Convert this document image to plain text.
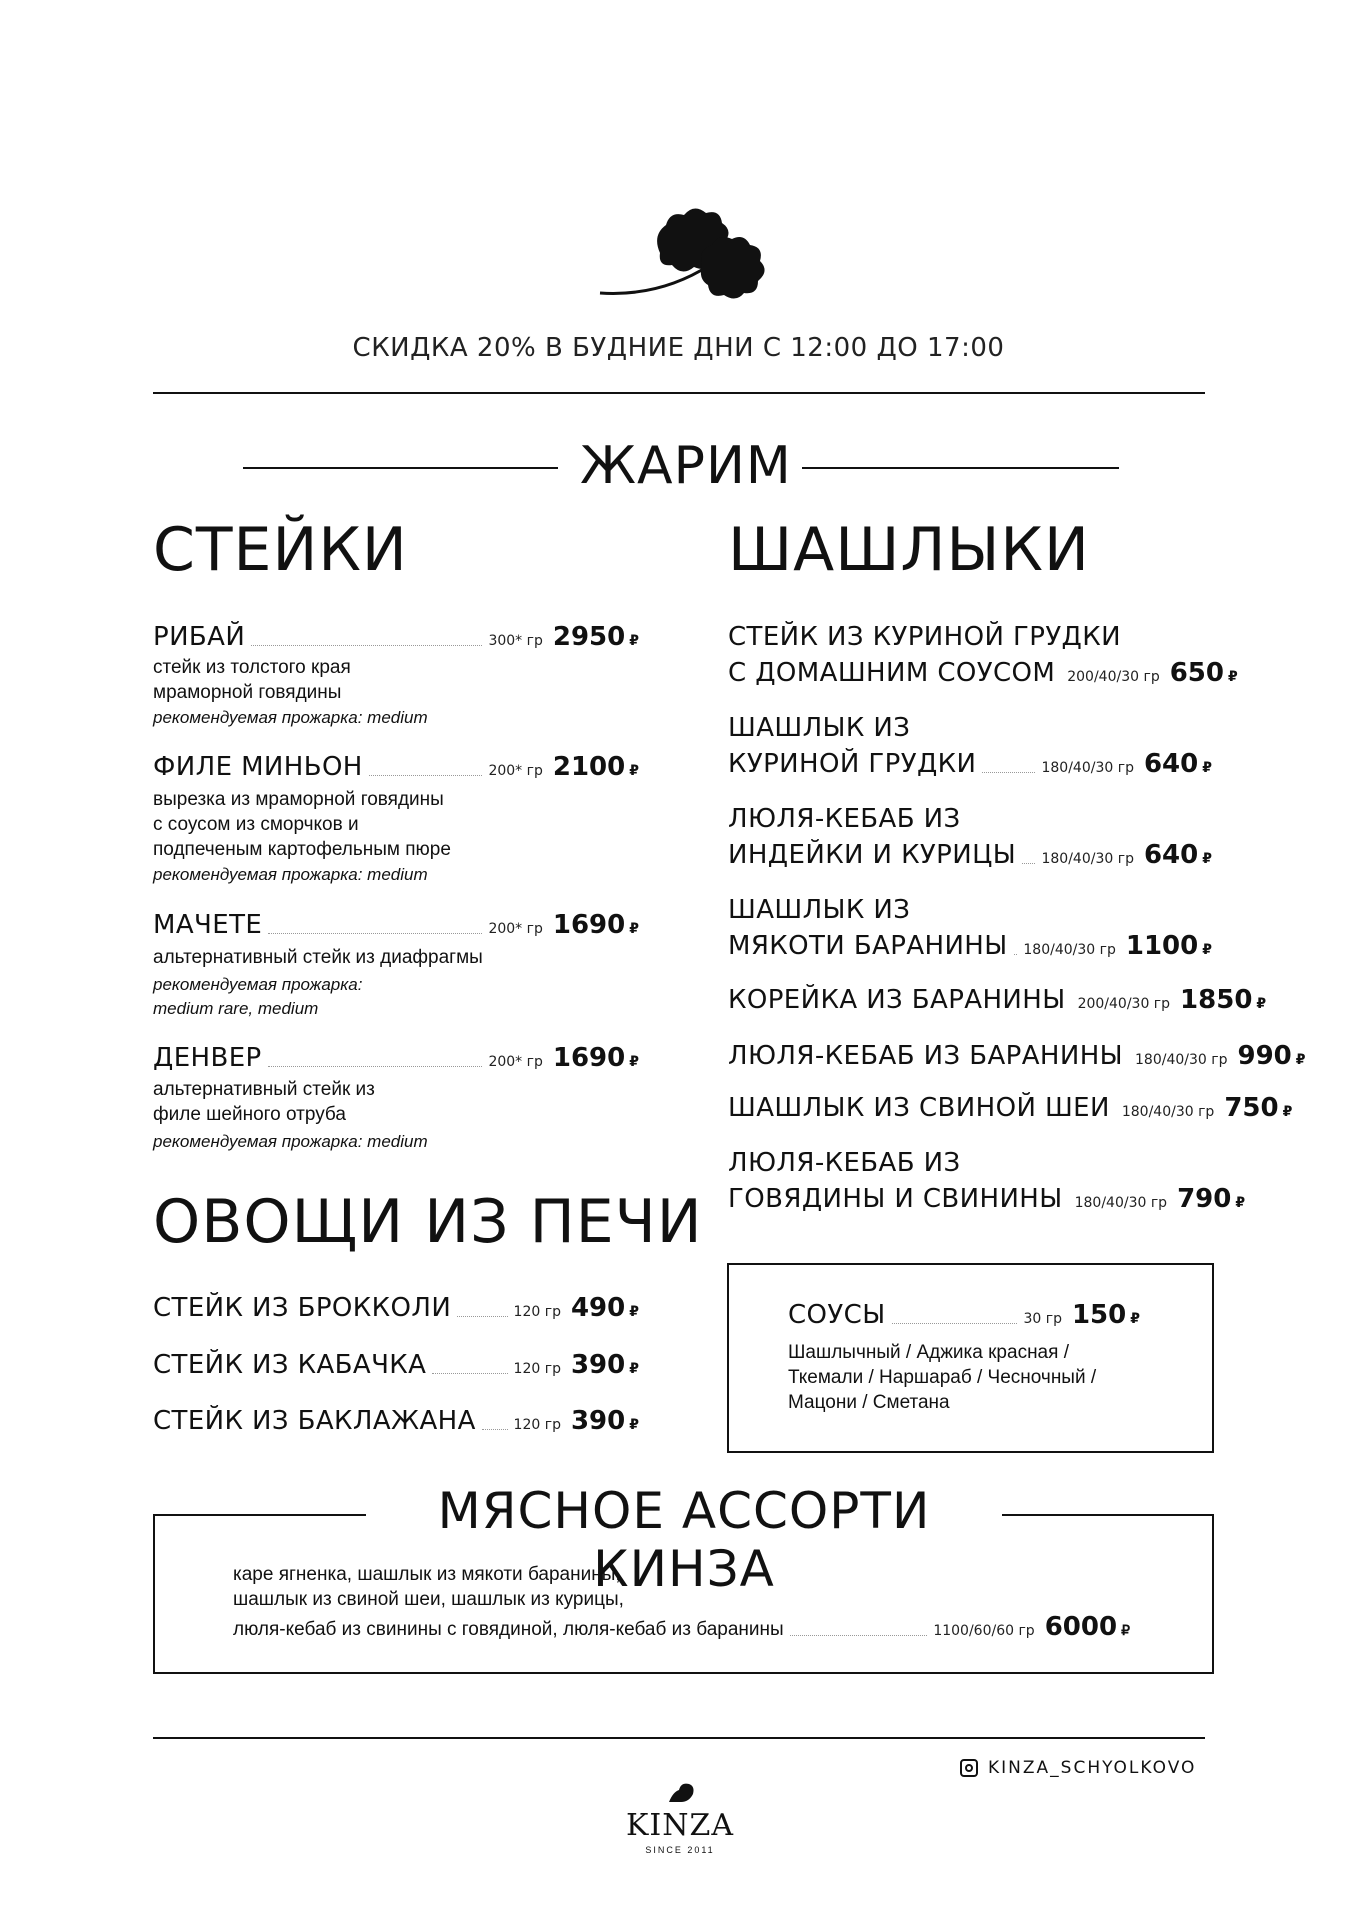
СКИДКА 20% В БУДНИЕ ДНИ С 12:00 ДО 17:00
ЖАРИМ
СТЕЙКИ
РИБАЙ	300* гр 2950 ₽
стейк из толстого края
мраморной говядины
рекомендуемая прожарка: medium
ФИЛЕ МИНЬОН	200* гр 2100 ₽
вырезка из мраморной говядины
с соусом из сморчков и
подпеченым картофельным пюре
рекомендуемая прожарка: medium
МАЧЕТЕ	200* гр 1690 ₽
альтернативный стейк из диафрагмы
рекомендуемая прожарка:
medium rare, medium
ДЕНВЕР	200* гр 1690 ₽
альтернативный стейк из
филе шейного отруба
рекомендуемая прожарка: medium
ОВОЩИ ИЗ ПЕЧИ
СТЕЙК ИЗ БРОККОЛИ	120 гр 490 ₽
СТЕЙК ИЗ КАБАЧКА	120 гр 390 ₽
СТЕЙК ИЗ БАКЛАЖАНА	120 гр 390 ₽
ШАШЛЫКИ
СТЕЙК ИЗ КУРИНОЙ ГРУДКИ
С ДОМАШНИМ СОУСОМ 200/40/30 гр 650 ₽
ШАШЛЫК ИЗ
КУРИНОЙ ГРУДКИ	180/40/30 гр 640 ₽
ЛЮЛЯ-КЕБАБ ИЗ
ИНДЕЙКИ И КУРИЦЫ 180/40/30 гр 640 ₽
ШАШЛЫК ИЗ
МЯКОТИ БАРАНИНЫ 180/40/30 гр 1100 ₽
КОРЕЙКА ИЗ БАРАНИНЫ 200/40/30 гр 1850 ₽
ЛЮЛЯ-КЕБАБ ИЗ БАРАНИНЫ 180/40/30 гр 990 ₽
ШАШЛЫК ИЗ СВИНОЙ ШЕИ 180/40/30 гр 750 ₽
ЛЮЛЯ-КЕБАБ ИЗ
ГОВЯДИНЫ И СВИНИНЫ 180/40/30 гр 790 ₽
СОУСЫ	30 гр 150 ₽
Шашлычный / Аджика красная /
Ткемали / Наршараб / Чесночный /
Мацони / Сметана
МЯСНОЕ АССОРТИ КИНЗА
каре ягненка, шашлык из мякоти баранины,
шашлык из свиной шеи, шашлык из курицы,
люля-кебаб из свинины с говядиной, люля-кебаб из баранины	1100/60/60 гр 6000 ₽
KINZA
SINCE 2011
KINZA_SCHYOLKOVO
